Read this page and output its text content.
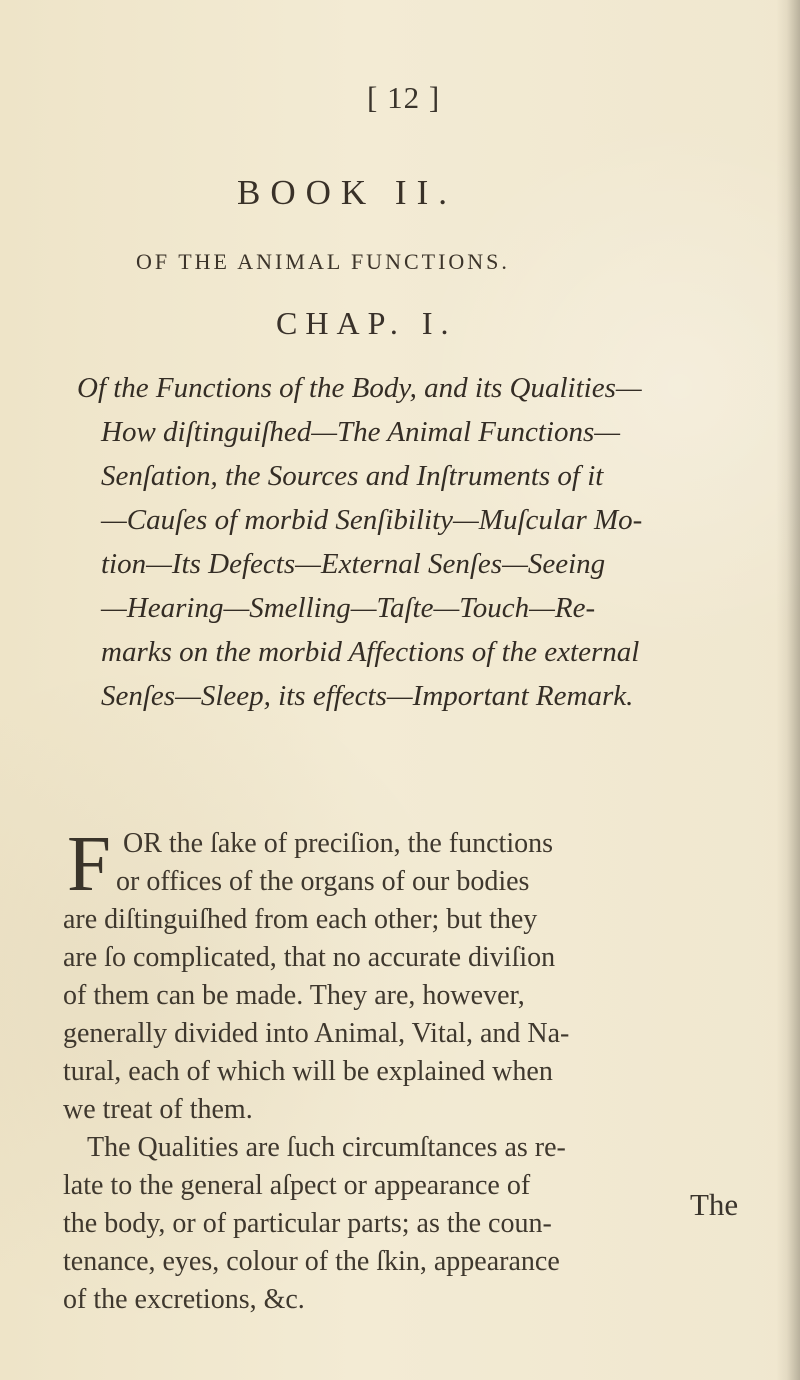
[ 12 ]
BOOK II.
OF THE ANIMAL FUNCTIONS.
CHAP. I.
Of the Functions of the Body, and its Qualities—
How diſtinguiſhed—The Animal Functions—
Senſation, the Sources and Inſtruments of it
—Cauſes of morbid Senſibility—Muſcular Mo-
tion—Its Defects—External Senſes—Seeing
—Hearing—Smelling—Taſte—Touch—Re-
marks on the morbid Affections of the external
Senſes—Sleep, its effects—Important Remark.
F OR the ſake of preciſion, the functions
or offices of the organs of our bodies
are diſtinguiſhed from each other; but they
are ſo complicated, that no accurate diviſion
of them can be made. They are, however,
generally divided into Animal, Vital, and Na-
tural, each of which will be explained when
we treat of them.
The Qualities are ſuch circumſtances as re-
late to the general aſpect or appearance of
the body, or of particular parts; as the coun-
tenance, eyes, colour of the ſkin, appearance
of the excretions, &c.
The
